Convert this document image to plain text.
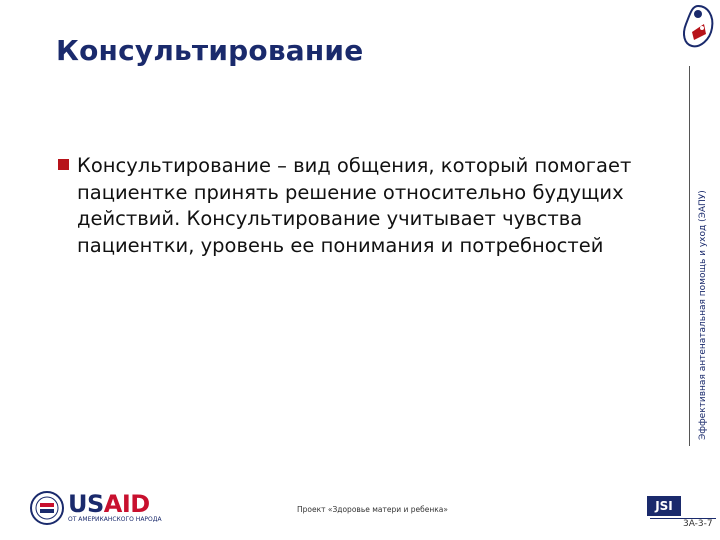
Консультирование
Эффективная антенатальная помощь и уход (ЭАПУ)
Консультирование – вид общения, который помогает пациентке принять решение относительно будущих действий. Консультирование учитывает чувства пациентки, уровень ее понимания и потребностей
USAID
ОТ АМЕРИКАНСКОГО НАРОДА
Проект «Здоровье матери и ребенка»	JSI
3A-3-7
